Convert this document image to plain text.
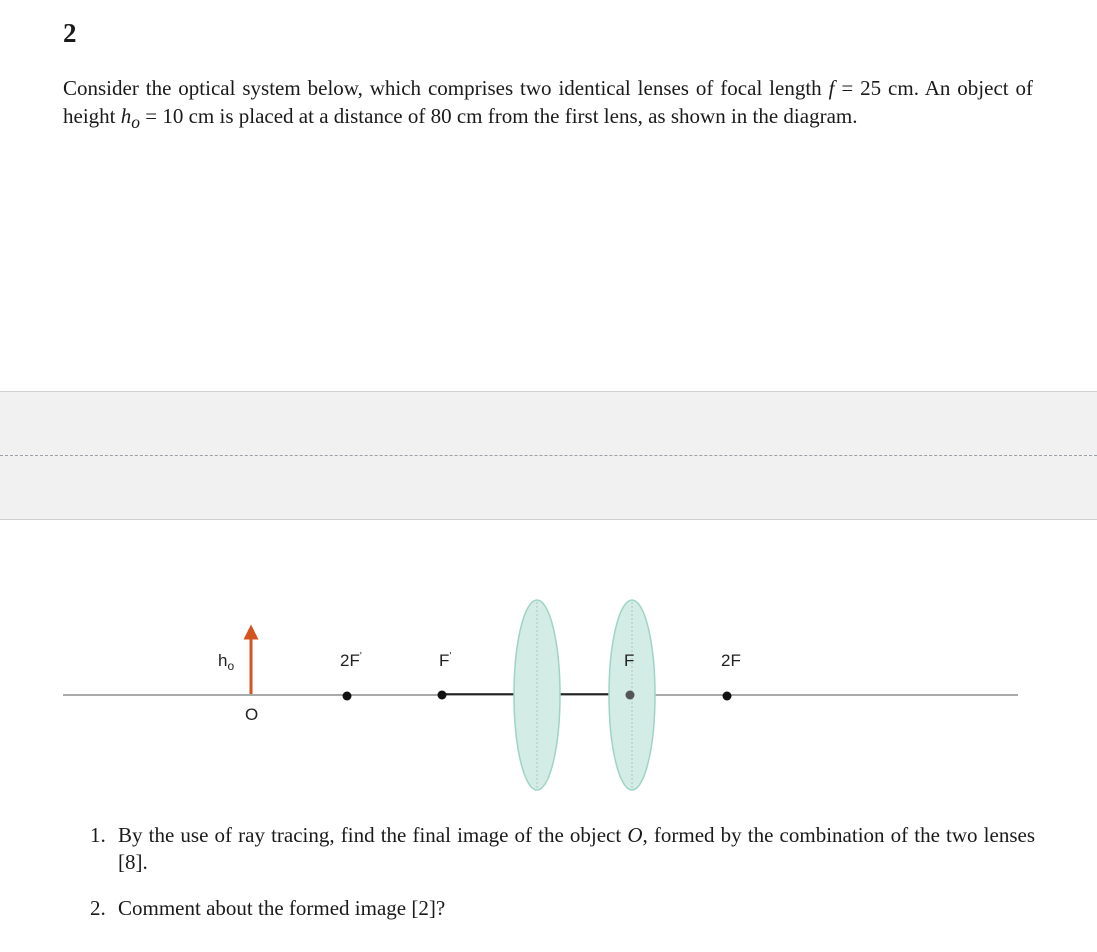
2
Consider the optical system below, which comprises two identical lenses of focal length f = 25 cm. An object of height $h_o = 10$ cm is placed at a distance of 80 cm from the first lens, as shown in the diagram.
$h_o$
O
2F'	F'	F	2F
1. By the use of ray tracing, find the final image of the object O, formed by the combination of the two lenses [8].
2. Comment about the formed image [2]?
